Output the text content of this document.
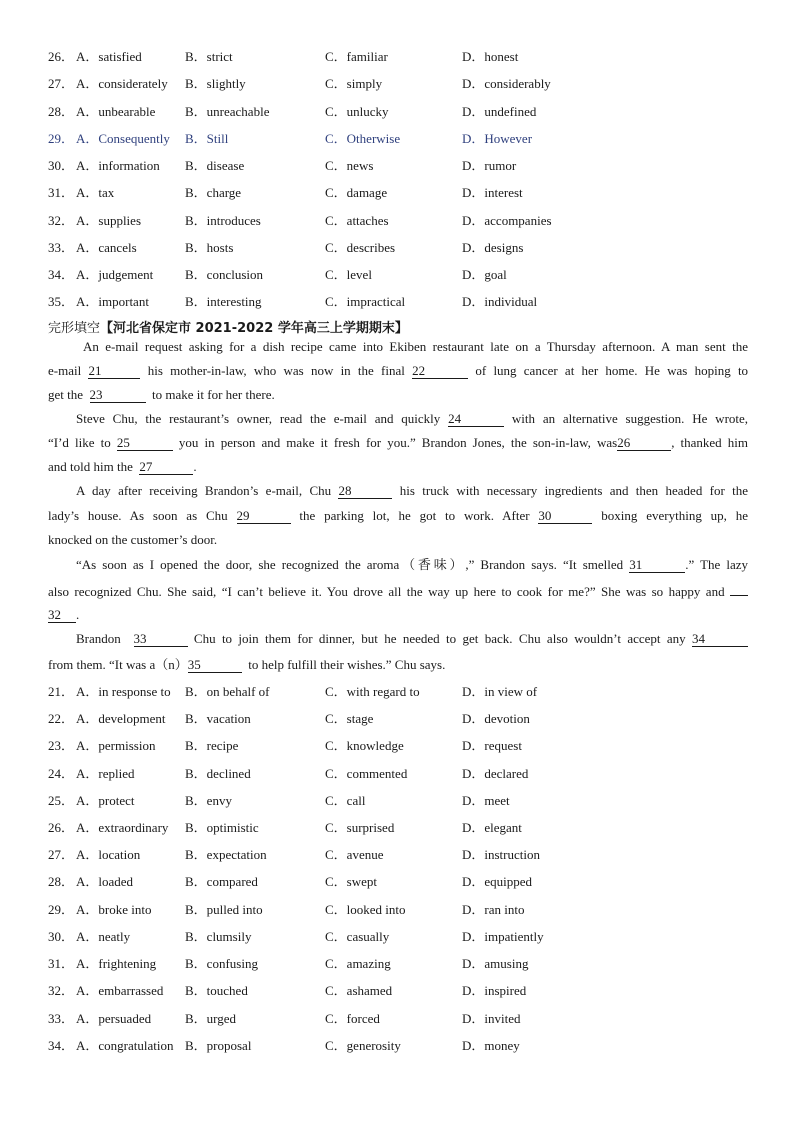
26． A．satisfied	B．strict	C．familiar	D．honest
27． A．considerately B．slightly	C．simply	D．considerably
28． A．unbearable B．unreachable	C．unlucky	D．undefined
29． A．Consequently B．Still	C．Otherwise	D．However
30． A．information B．disease	C．news	D．rumor
31． A．tax	B．charge	C．damage	D．interest
32． A．supplies	B．introduces	C．attaches	D．accompanies
33． A．cancels	B．hosts	C．describes	D．designs
34． A．judgement B．conclusion	C．level	D．goal
35． A．important	B．interesting	C．impractical	D．individual
完形填空【河北省保定市 2021-2022 学年高三上学期期末】
An e-mail request asking for a dish recipe came into Ekiben restaurant late on a Thursday afternoon. A man sent the
e-mail 21	his mother-in-law, who was now in the final 22	of lung cancer at her home. He was hoping to
get the 23	to make it for her there.
Steve Chu, the restaurant’s owner, read the e-mail and quickly 24	with an alternative suggestion. He wrote,
“I’d like to 25	you in person and make it fresh for you.” Brandon Jones, the son-in-law, was26	, thanked him
and told him the 27	.
A day after receiving Brandon’s e-mail, Chu 28	his truck with necessary ingredients and then headed for the
lady’s house. As soon as Chu 29	the parking lot, he got to work. After 30	boxing everything up, he
knocked on the customer’s door.
“As soon as I opened the door, she recognized the aroma（香味）,” Brandon says. “It smelled 31	.” The lazy
also recognized Chu. She said, “I can’t believe it. You drove all the way up here to cook for me?” She was so happy and
32 .
Brandon 33	Chu to join them for dinner, but he needed to get back. Chu also wouldn’t accept any 34
from them. “It was a（n）35	to help fulfill their wishes.” Chu says.
21． A．in response to B．on behalf of	C．with regard to	D．in view of
22． A．development B．vacation	C．stage	D．devotion
23． A．permission B．recipe	C．knowledge	D．request
24． A．replied	B．declined	C．commented	D．declared
25． A．protect	B．envy	C．call	D．meet
26． A．extraordinary B．optimistic	C．surprised	D．elegant
27． A．location	B．expectation	C．avenue	D．instruction
28． A．loaded	B．compared	C．swept	D．equipped
29． A．broke into	B．pulled into	C．looked into	D．ran into
30． A．neatly	B．clumsily	C．casually	D．impatiently
31． A．frightening B．confusing	C．amazing	D．amusing
32． A．embarrassed B．touched	C．ashamed	D．inspired
33． A．persuaded	B．urged	C．forced	D．invited
34． A．congratulation B．proposal	C．generosity	D．money
